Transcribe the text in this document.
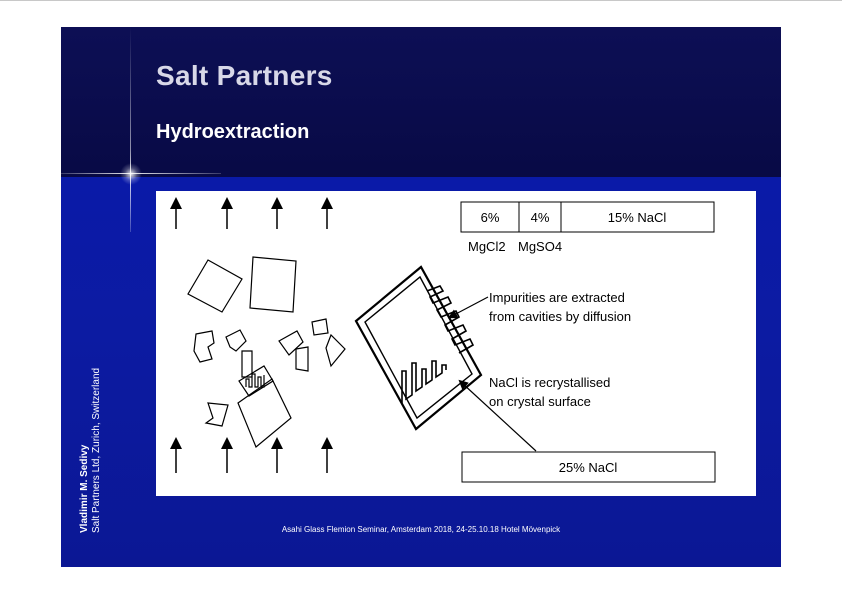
Salt Partners
Hydroextraction
6% 4%	15% NaCl
MgCl2 MgSO4
Impurities are extracted
from cavities by diffusion
NaCl is recrystallised
on crystal surface
25% NaCl
Asahi Glass Flemion Seminar, Amsterdam 2018, 24-25.10.18 Hotel Mövenpick
Vladimir M. Sedivy Salt Partners Ltd, Zurich, Switzerland
